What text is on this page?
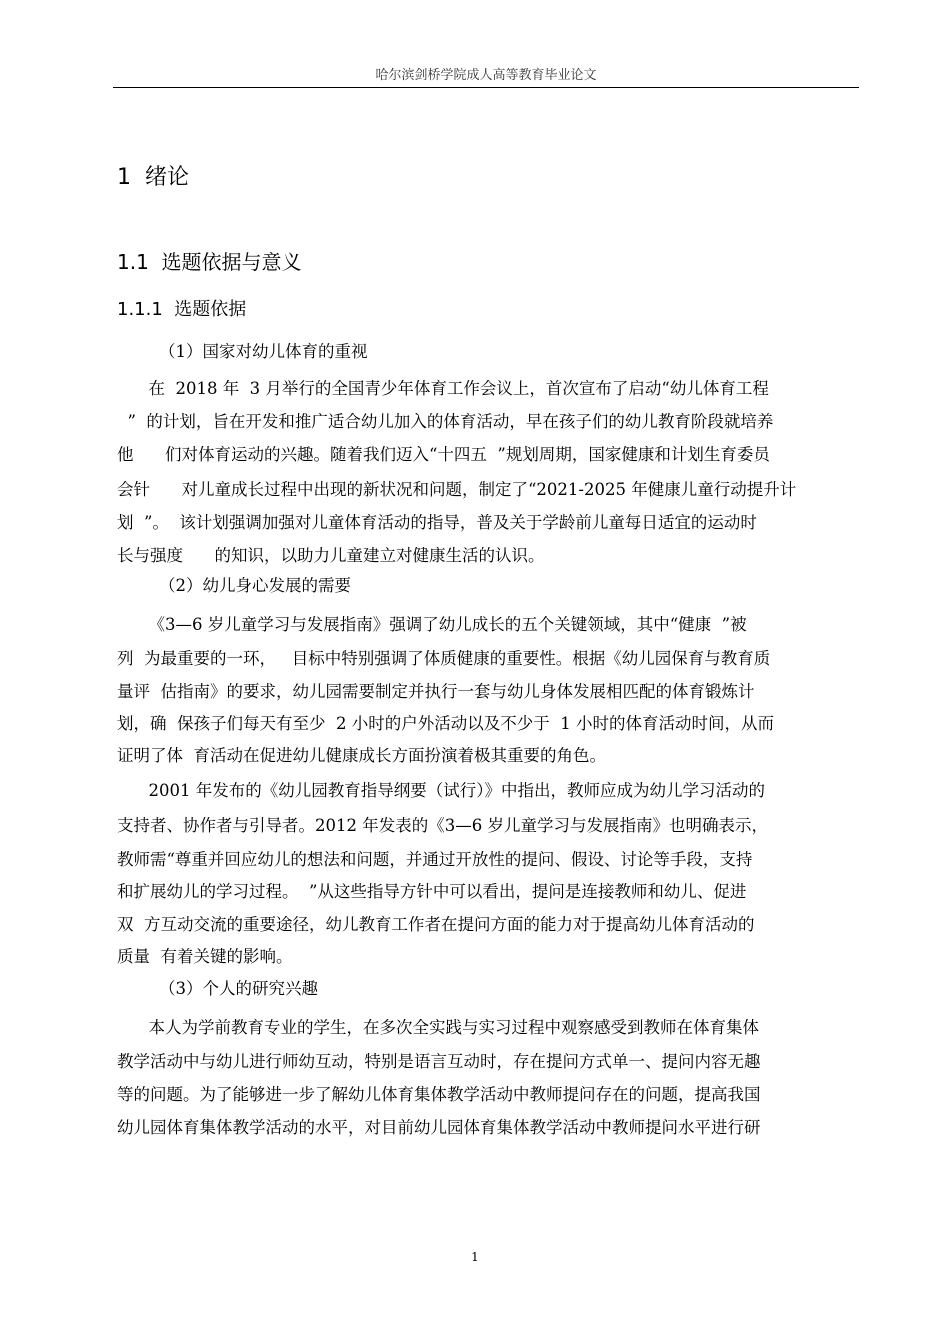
哈尔滨剑桥学院成人高等教育毕业论文
1  绪论
1.1  选题依据与意义
1.1.1  选题依据
（1）国家对幼儿体育的重视
在  2018 年  3 月举行的全国青少年体育工作会议上，首次宣布了启动“幼儿体育工程
”  的计划，旨在开发和推广适合幼儿加入的体育活动，早在孩子们的幼儿教育阶段就培养
他      们对体育运动的兴趣。随着我们迈入“十四五  ”规划周期，国家健康和计划生育委员
会针      对儿童成长过程中出现的新状况和问题，制定了“2021-2025 年健康儿童行动提升计
划  ”。  该计划强调加强对儿童体育活动的指导，普及关于学龄前儿童每日适宜的运动时
长与强度      的知识，以助力儿童建立对健康生活的认识。
（2）幼儿身心发展的需要
《3—6 岁儿童学习与发展指南》强调了幼儿成长的五个关键领域，其中“健康  ”被
列  为最重要的一环，   目标中特别强调了体质健康的重要性。根据《幼儿园保育与教育质
量评  估指南》的要求，幼儿园需要制定并执行一套与幼儿身体发展相匹配的体育锻炼计
划，确  保孩子们每天有至少  2 小时的户外活动以及不少于  1 小时的体育活动时间，从而
证明了体  育活动在促进幼儿健康成长方面扮演着极其重要的角色。
2001 年发布的《幼儿园教育指导纲要（试行）》中指出，教师应成为幼儿学习活动的
支持者、协作者与引导者。2012 年发表的《3—6 岁儿童学习与发展指南》也明确表示，
教师需“尊重并回应幼儿的想法和问题，并通过开放性的提问、假设、讨论等手段，支持
和扩展幼儿的学习过程。  ”从这些指导方针中可以看出，提问是连接教师和幼儿、促进
双  方互动交流的重要途径，幼儿教育工作者在提问方面的能力对于提高幼儿体育活动的
质量  有着关键的影响。
（3）个人的研究兴趣
本人为学前教育专业的学生，在多次全实践与实习过程中观察感受到教师在体育集体
教学活动中与幼儿进行师幼互动，特别是语言互动时，存在提问方式单一、提问内容无趣
等的问题。为了能够进一步了解幼儿体育集体教学活动中教师提问存在的问题，提高我国
幼儿园体育集体教学活动的水平，对目前幼儿园体育集体教学活动中教师提问水平进行研
1
